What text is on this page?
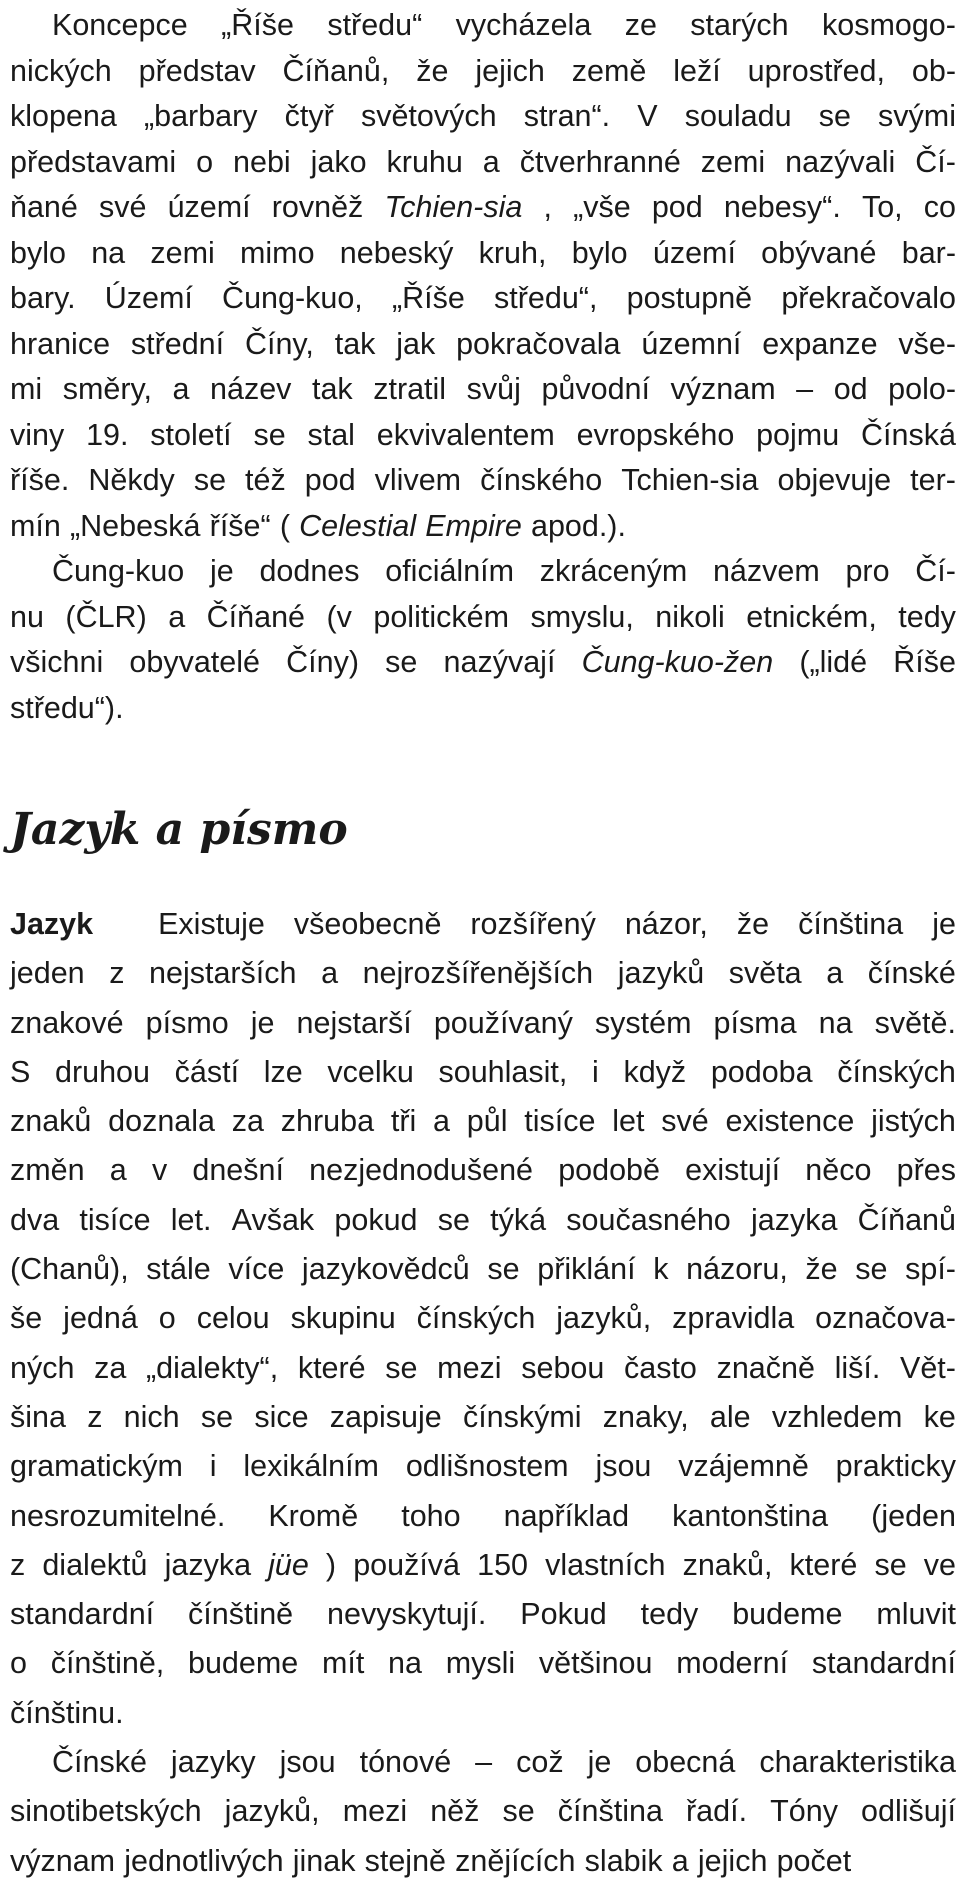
Koncepce „Říše středu“ vycházela ze starých kosmogo-
nických představ Číňanů, že jejich země leží uprostřed, ob-
klopena „barbary čtyř světových stran“. V souladu se svými
představami o nebi jako kruhu a čtverhranné zemi nazývali Čí-
ňané své území rovněž Tchien-sia , „vše pod nebesy“. To, co
bylo na zemi mimo nebeský kruh, bylo území obývané bar-
bary. Území Čung-kuo, „Říše středu“, postupně překračovalo
hranice střední Číny, tak jak pokračovala územní expanze vše-
mi směry, a název tak ztratil svůj původní význam – od polo-
viny 19. století se stal ekvivalentem evropského pojmu Čínská
říše. Někdy se též pod vlivem čínského Tchien-sia objevuje ter-
mín „Nebeská říše“ ( Celestial Empire apod.).
Čung-kuo je dodnes oficiálním zkráceným názvem pro Čí-
nu (ČLR) a Číňané (v politickém smyslu, nikoli etnickém, tedy
všichni obyvatelé Číny) se nazývají Čung-kuo-žen („lidé Říše
středu“).
Jazyk a písmo
Jazyk Existuje všeobecně rozšířený názor, že čínština je
jeden z nejstarších a nejrozšířenějších jazyků světa a čínské
znakové písmo je nejstarší používaný systém písma na světě.
S druhou částí lze vcelku souhlasit, i když podoba čínských
znaků doznala za zhruba tři a půl tisíce let své existence jistých
změn a v dnešní nezjednodušené podobě existují něco přes
dva tisíce let. Avšak pokud se týká současného jazyka Číňanů
(Chanů), stále více jazykovědců se přiklání k názoru, že se spí-
še jedná o celou skupinu čínských jazyků, zpravidla označova-
ných za „dialekty“, které se mezi sebou často značně liší. Vět-
šina z nich se sice zapisuje čínskými znaky, ale vzhledem ke
gramatickým i lexikálním odlišnostem jsou vzájemně prakticky
nesrozumitelné. Kromě toho například kantonština (jeden
z dialektů jazyka jüe ) používá 150 vlastních znaků, které se ve
standardní čínštině nevyskytují. Pokud tedy budeme mluvit
o čínštině, budeme mít na mysli většinou moderní standardní
čínštinu.
Čínské jazyky jsou tónové – což je obecná charakteristika
sinotibetských jazyků, mezi něž se čínština řadí. Tóny odlišují
význam jednotlivých jinak stejně znějících slabik a jejich počet
